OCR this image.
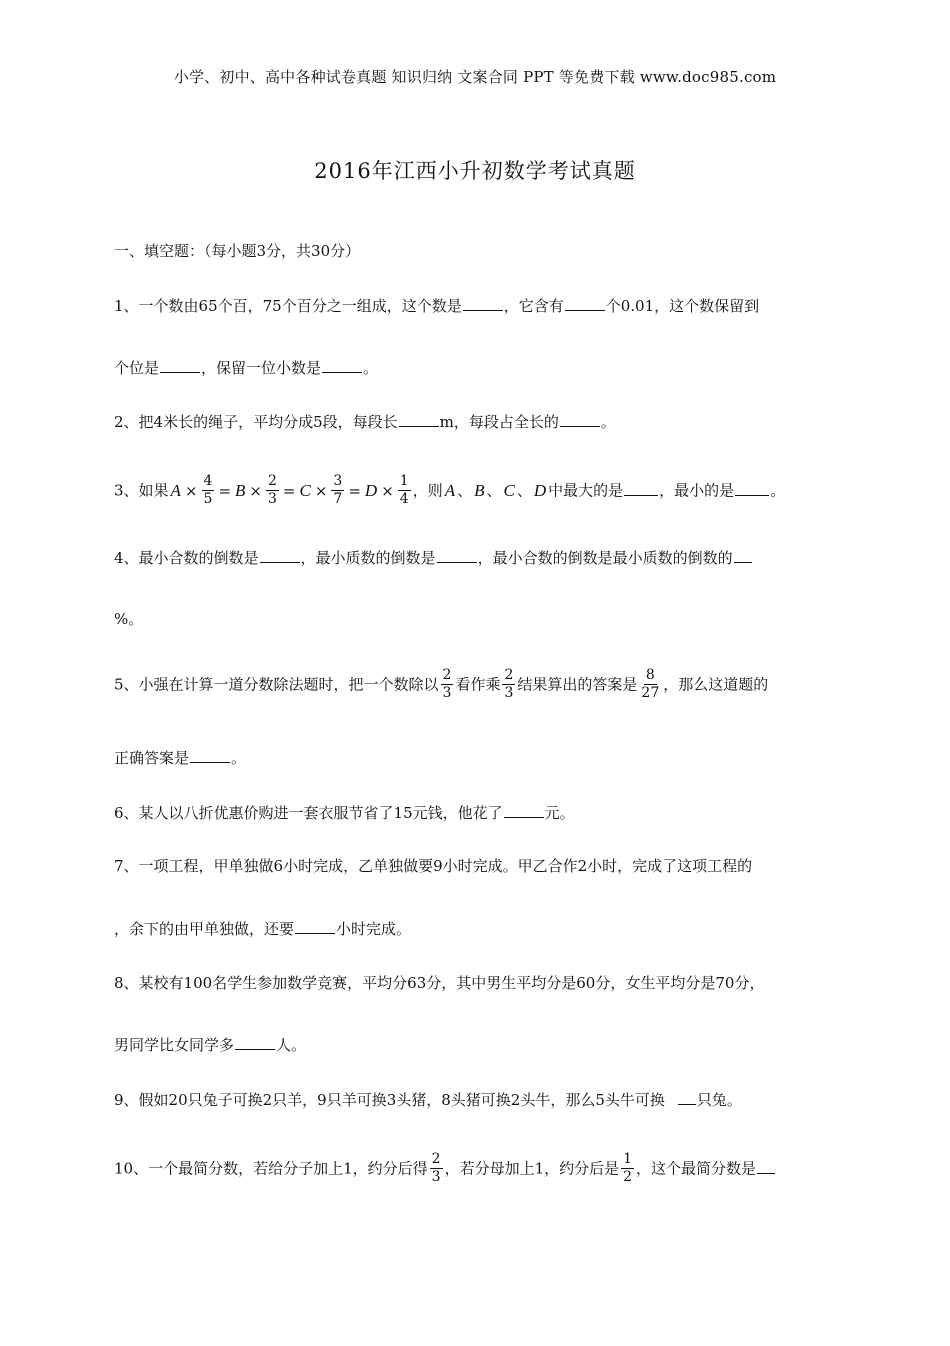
小学、初中、高中各种试卷真题 知识归纳 文案合同 PPT 等免费下载 www.doc985.com
2016年江西小升初数学考试真题
一、填空题：（每小题3分，共30分）
1、一个数由65个百，75个百分之一组成，这个数是	，它含有	个0.01，这个数保留到
个位是	，保留一位小数是	。
2、把4米长的绳子，平均分成5段，每段长	m，每段占全长的	。
3、如果 $A \times \frac{4}{5} = B \times \frac{2}{3} = C \times \frac{3}{7} = D \times \frac{1}{4}$ ，则 A 、 B 、 C 、 D 中最大的是 ，最小的是 。
4、最小合数的倒数是	，最小质数的倒数是	，最小合数的倒数是最小质数的倒数的
%。
5、小强在计算一道分数除法题时，把一个数除以 $\frac{2}{3}$ 看作乘 $\frac{2}{3}$ 结果算出的答案是 $\frac{8}{27}$ ，那么这道题的
正确答案是	。
6、某人以八折优惠价购进一套衣服节省了15元钱，他花了	元。
7、一项工程，甲单独做6小时完成，乙单独做要9小时完成。甲乙合作2小时，完成了这项工程的
，余下的由甲单独做，还要	小时完成。
8、某校有100名学生参加数学竞赛，平均分63分，其中男生平均分是60分，女生平均分是70分，
男同学比女同学多	人。
9、假如20只兔子可换2只羊，9只羊可换3头猪，8头猪可换2头牛，那么5头牛可换 只兔。
10、一个最简分数，若给分子加上1，约分后得 $\frac{2}{3}$ ，若分母加上1，约分后是 $\frac{1}{2}$ ，这个最简分数是
